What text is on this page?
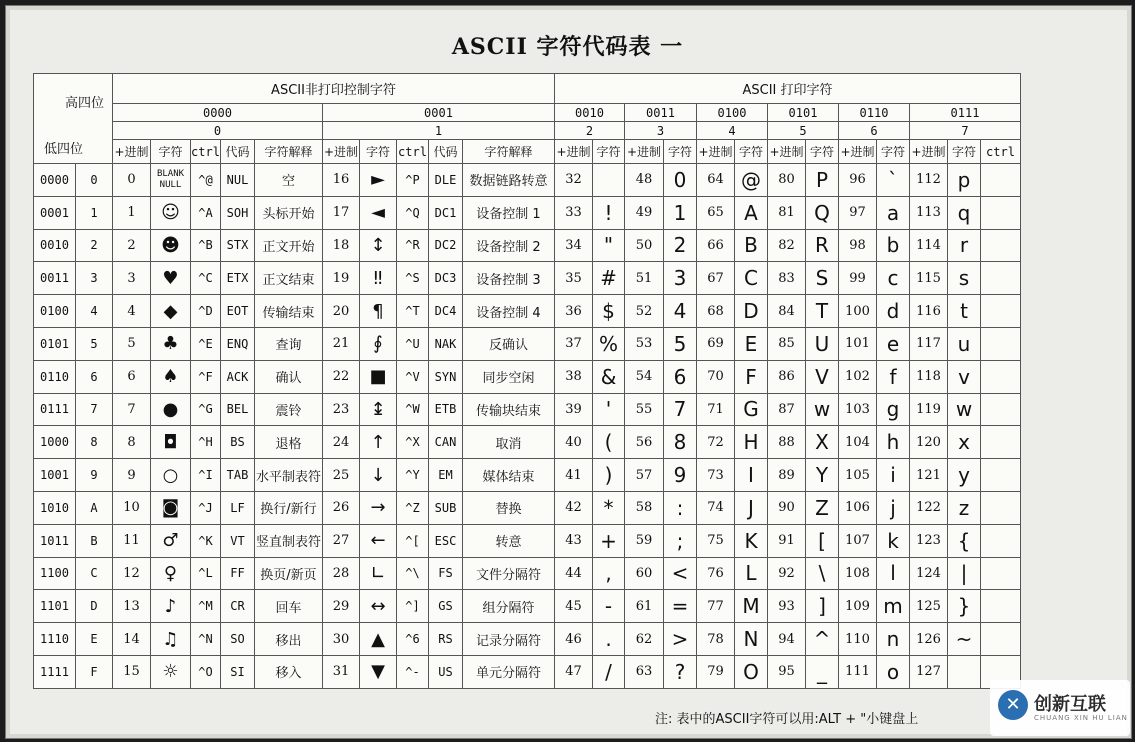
ASCII 字符代码表 一
高四位
低四位		ASCII非打印控制字符										ASCII 打印字符												
		0000					0001					0010		0011		0100		0101		0110		0111		
		0					1					2		3		4		5		6		7		
		+进制	字符	ctrl	代码	字符解释	+进制	字符	ctrl	代码	字符解释	+进制	字符	+进制	字符	+进制	字符	+进制	字符	+进制	字符	+进制	字符	ctrl
0000	0	0	BLANK NULL	^@	NUL	空	16	►	^P	DLE	数据链路转意	32		48	0	64	@	80	P	96	`	112	p	
0001	1	1	☺	^A	SOH	头标开始	17	◄	^Q	DC1	设备控制 1	33	!	49	1	65	A	81	Q	97	a	113	q	
0010	2	2	☻	^B	STX	正文开始	18	↕	^R	DC2	设备控制 2	34	"	50	2	66	B	82	R	98	b	114	r	
0011	3	3	♥	^C	ETX	正文结束	19	‼	^S	DC3	设备控制 3	35	#	51	3	67	C	83	S	99	c	115	s	
0100	4	4	◆	^D	EOT	传输结束	20	¶	^T	DC4	设备控制 4	36	$	52	4	68	D	84	T	100	d	116	t	
0101	5	5	♣	^E	ENQ	查询	21	∮	^U	NAK	反确认	37	%	53	5	69	E	85	U	101	e	117	u	
0110	6	6	♠	^F	ACK	确认	22	■	^V	SYN	同步空闲	38	&	54	6	70	F	86	V	102	f	118	v	
0111	7	7	●	^G	BEL	震铃	23	↨	^W	ETB	传输块结束	39	'	55	7	71	G	87	w	103	g	119	w	
1000	8	8	◘	^H	BS	退格	24	↑	^X	CAN	取消	40	(	56	8	72	H	88	X	104	h	120	x	
1001	9	9	○	^I	TAB	水平制表符	25	↓	^Y	EM	媒体结束	41	)	57	9	73	I	89	Y	105	i	121	y	
1010	A	10	◙	^J	LF	换行/新行	26	→	^Z	SUB	替换	42	*	58	:	74	J	90	Z	106	j	122	z	
1011	B	11	♂	^K	VT	竖直制表符	27	←	^[	ESC	转意	43	+	59	;	75	K	91	[	107	k	123	{	
1100	C	12	♀	^L	FF	换页/新页	28	∟	^\	FS	文件分隔符	44	,	60	<	76	L	92	\	108	l	124	|	
1101	D	13	♪	^M	CR	回车	29	↔	^]	GS	组分隔符	45	-	61	=	77	M	93	]	109	m	125	}	
1110	E	14	♫	^N	SO	移出	30	▲	^6	RS	记录分隔符	46	.	62	>	78	N	94	^	110	n	126	~	
1111	F	15	☼	^O	SI	移入	31	▼	^-	US	单元分隔符	47	/	63	?	79	O	95	_	111	o	127		
注: 表中的ASCII字符可以用:ALT + "小键盘上
✕ 创新互联
CHUANG XIN HU LIAN
